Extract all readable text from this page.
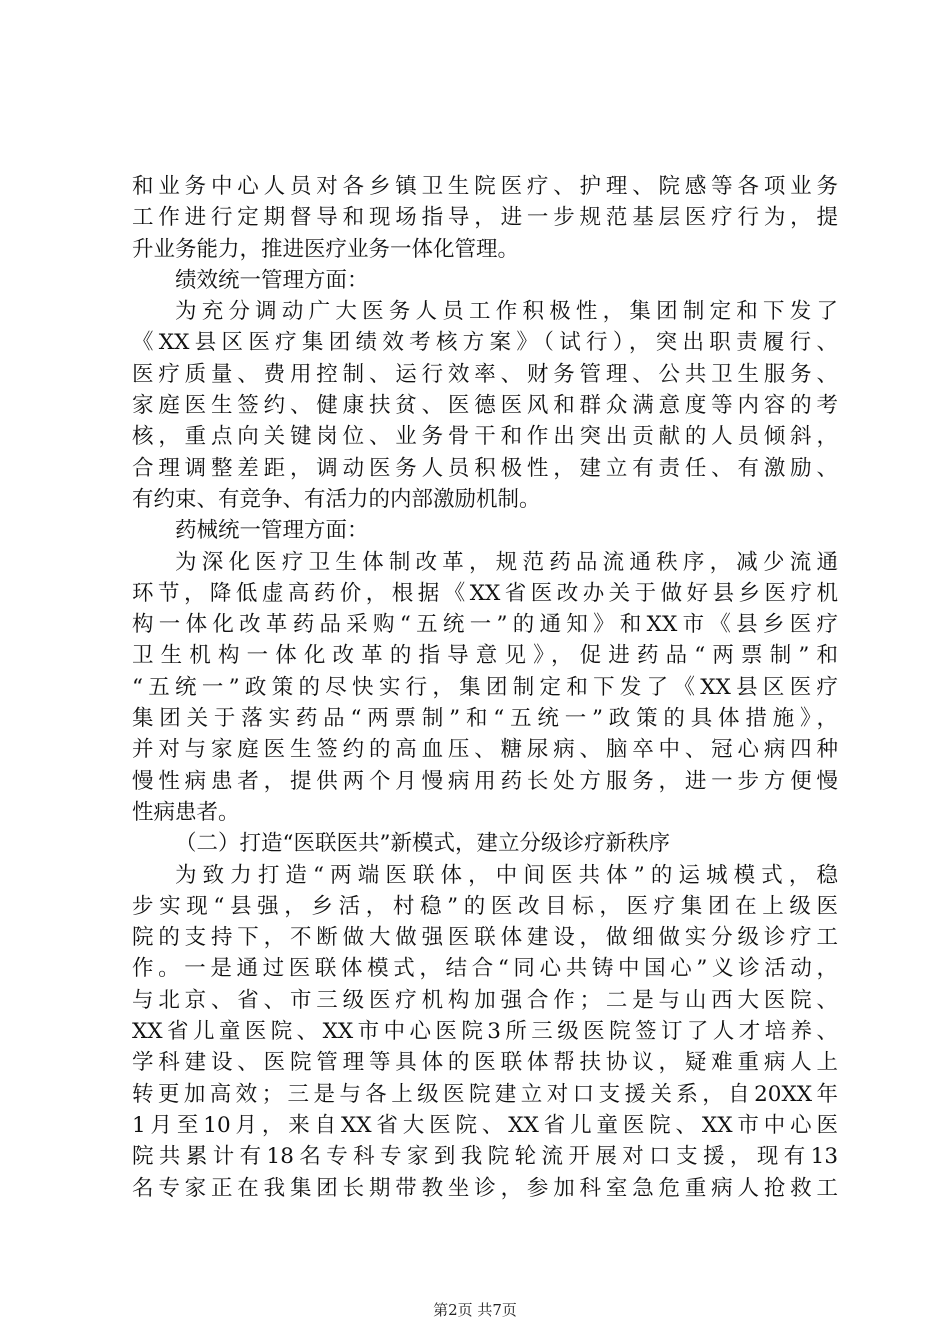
和业务中心人员对各乡镇卫生院医疗、护理、院感等各项业务
工作进行定期督导和现场指导，进一步规范基层医疗行为，提
升业务能力，推进医疗业务一体化管理。
绩效统一管理方面：
为充分调动广大医务人员工作积极性，集团制定和下发了
《XX县区医疗集团绩效考核方案》（试行），突出职责履行、
医疗质量、费用控制、运行效率、财务管理、公共卫生服务、
家庭医生签约、健康扶贫、医德医风和群众满意度等内容的考
核，重点向关键岗位、业务骨干和作出突出贡献的人员倾斜，
合理调整差距，调动医务人员积极性，建立有责任、有激励、
有约束、有竞争、有活力的内部激励机制。
药械统一管理方面：
为深化医疗卫生体制改革，规范药品流通秩序，减少流通
环节，降低虚高药价，根据《XX省医改办关于做好县乡医疗机
构一体化改革药品采购“五统一”的通知》和XX市《县乡医疗
卫生机构一体化改革的指导意见》，促进药品“两票制”和
“五统一”政策的尽快实行，集团制定和下发了《XX县区医疗
集团关于落实药品“两票制”和“五统一”政策的具体措施》，
并对与家庭医生签约的高血压、糖尿病、脑卒中、冠心病四种
慢性病患者，提供两个月慢病用药长处方服务，进一步方便慢
性病患者。
（二）打造“医联医共”新模式，建立分级诊疗新秩序
为致力打造“两端医联体，中间医共体”的运城模式，稳
步实现“县强，乡活，村稳”的医改目标，医疗集团在上级医
院的支持下，不断做大做强医联体建设，做细做实分级诊疗工
作。一是通过医联体模式，结合“同心共铸中国心”义诊活动，
与北京、省、市三级医疗机构加强合作；二是与山西大医院、
XX省儿童医院、XX市中心医院3所三级医院签订了人才培养、
学科建设、医院管理等具体的医联体帮扶协议，疑难重病人上
转更加高效；三是与各上级医院建立对口支援关系，自20XX年
1月至10月，来自XX省大医院、XX省儿童医院、XX市中心医
院共累计有18名专科专家到我院轮流开展对口支援，现有13
名专家正在我集团长期带教坐诊，参加科室急危重病人抢救工
第2页 共7页
